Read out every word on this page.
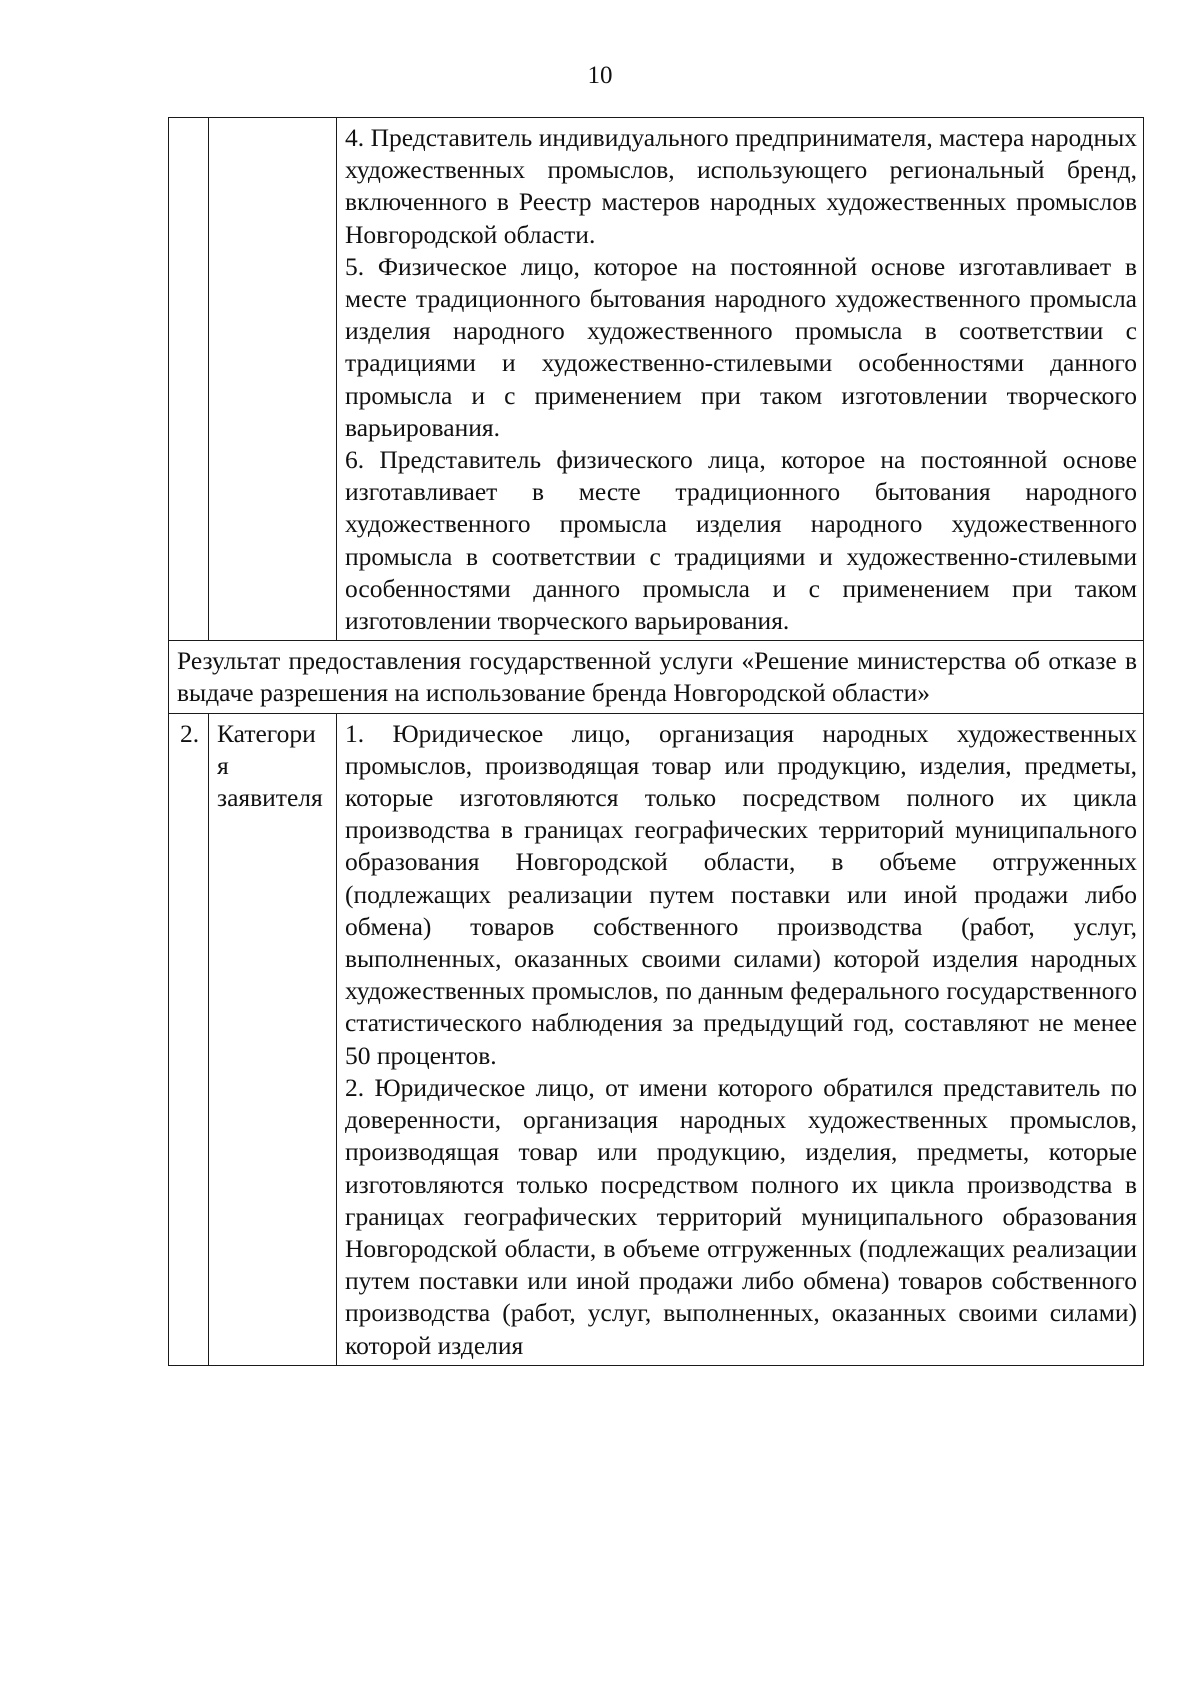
10

		4. Представитель индивидуального предпринимателя, мастера народных художественных промыслов, использующего региональный бренд, включенного в Реестр мастеров народных художественных промыслов Новгородской области.

5. Физическое лицо, которое на постоянной основе изготавливает в месте традиционного бытования народного художественного промысла изделия народного художественного промысла в соответствии с традициями и художественно-стилевыми особенностями данного промысла и с применением при таком изготовлении творческого варьирования.

6. Представитель физического лица, которое на постоянной основе изготавливает в месте традиционного бытования народного художественного промысла изделия народного художественного промысла в соответствии с традициями и художественно-стилевыми особенностями данного промысла и с применением при таком изготовлении творческого варьирования.

Результат предоставления государственной услуги «Решение министерства об отказе в выдаче разрешения на использование бренда Новгородской области»		
2.	Категори я заявителя	1. Юридическое лицо, организация народных художественных промыслов, производящая товар или продукцию, изделия, предметы, которые изготовляются только посредством полного их цикла производства в границах географических территорий муниципального образования Новгородской области, в объеме отгруженных (подлежащих реализации путем поставки или иной продажи либо обмена) товаров собственного производства (работ, услуг, выполненных, оказанных своими силами) которой изделия народных художественных промыслов, по данным федерального государственного статистического наблюдения за предыдущий год, составляют не менее 50 процентов.

2. Юридическое лицо, от имени которого обратился представитель по доверенности, организация народных художественных промыслов, производящая товар или продукцию, изделия, предметы, которые изготовляются только посредством полного их цикла производства в границах географических территорий муниципального образования Новгородской области, в объеме отгруженных (подлежащих реализации путем поставки или иной продажи либо обмена) товаров собственного производства (работ, услуг, выполненных, оказанных своими силами) которой изделия
